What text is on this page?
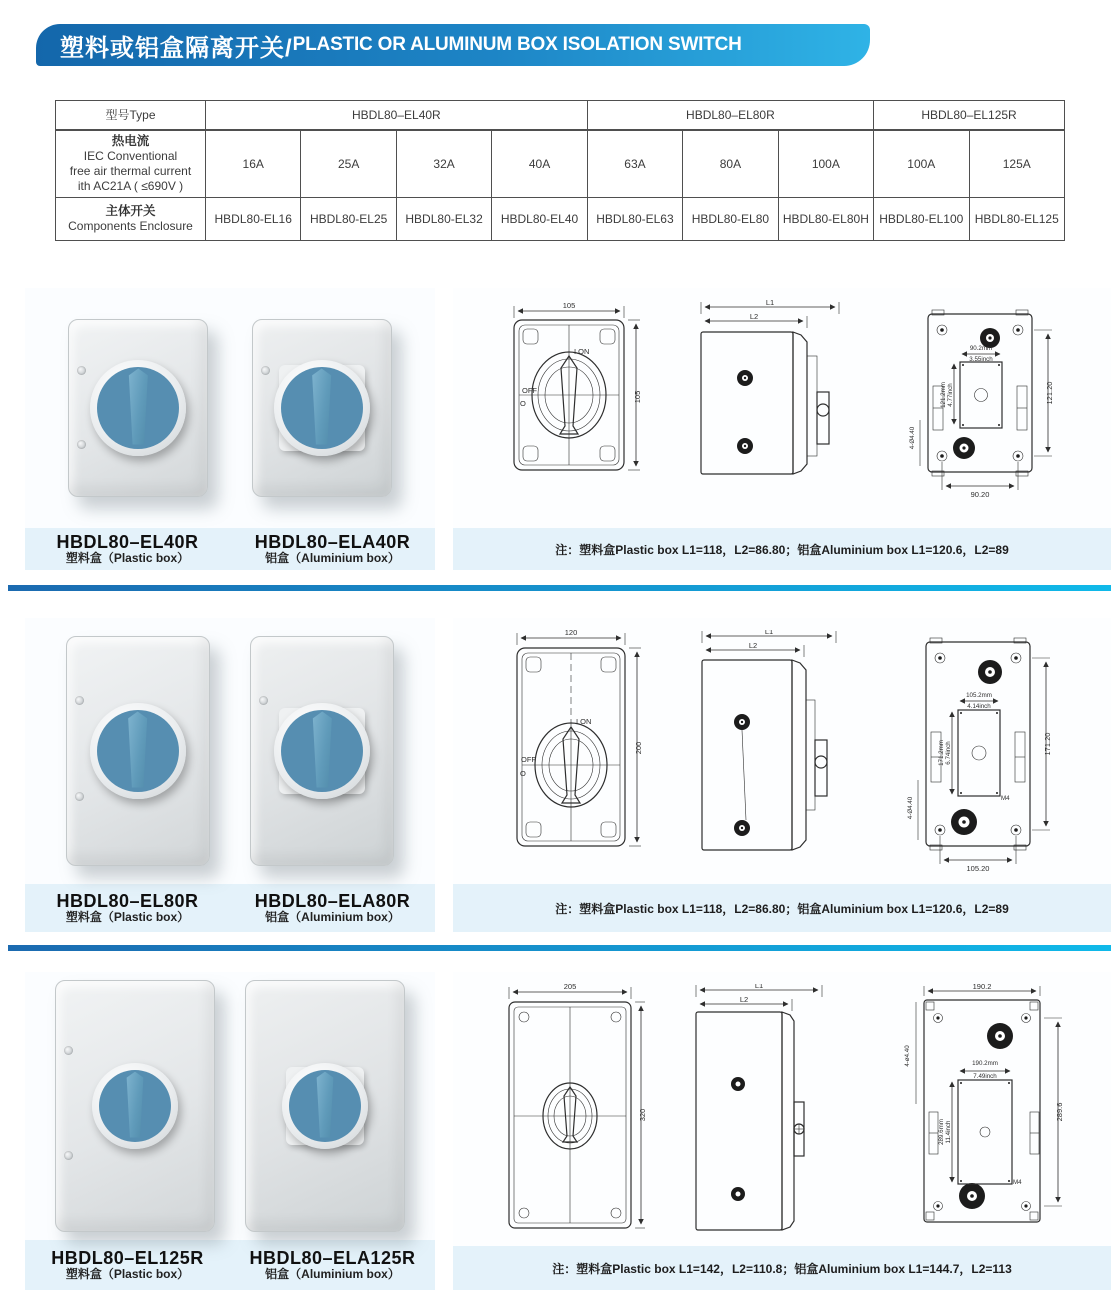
塑料或铝盒隔离开关/ PLASTIC OR ALUMINUM BOX ISOLATION SWITCH
型号Type	HBDL80–EL40R				HBDL80–EL80R			HBDL80–EL125R	
热电流
IEC Conventional
free air thermal current
ith AC21A ( ≤690V )	16A	25A	32A	40A	63A	80A	100A	100A	125A
主体开关
Components Enclosure	HBDL80-EL16	HBDL80-EL25	HBDL80-EL32	HBDL80-EL40	HBDL80-EL63	HBDL80-EL80	HBDL80-EL80H	HBDL80-EL100	HBDL80-EL125
HBDL80–EL40R
塑料盒（Plastic box）
HBDL80–ELA40R
铝盒（Aluminium box）
105
I ON
OFF
O
105
L1
L2
90.2mm
3.55inch
121.2mm 4.77inch	121.20
4-Ø4.40
90.20
注：塑料盒Plastic box L1=118，L2=86.80；铝盒Aluminium box L1=120.6，L2=89
HBDL80–EL80R
塑料盒（Plastic box）
HBDL80–ELA80R
铝盒（Aluminium box）
120
I ON
OFF
O
200
L1
L2
M4
105.2mm
4.14inch
171.2mm 6.74inch	171.20
4-Ø4.40
105.20
注：塑料盒Plastic box L1=118，L2=86.80；铝盒Aluminium box L1=120.6，L2=89
HBDL80–EL125R
塑料盒（Plastic box）
HBDL80–ELA125R
铝盒（Aluminium box）
205
320
L1
L2
190.2
M4
190.2mm
7.49inch
289.6mm 11.4inch
289.6
4-ø4.40
注：塑料盒Plastic box L1=142，L2=110.8；铝盒Aluminium box L1=144.7，L2=113
